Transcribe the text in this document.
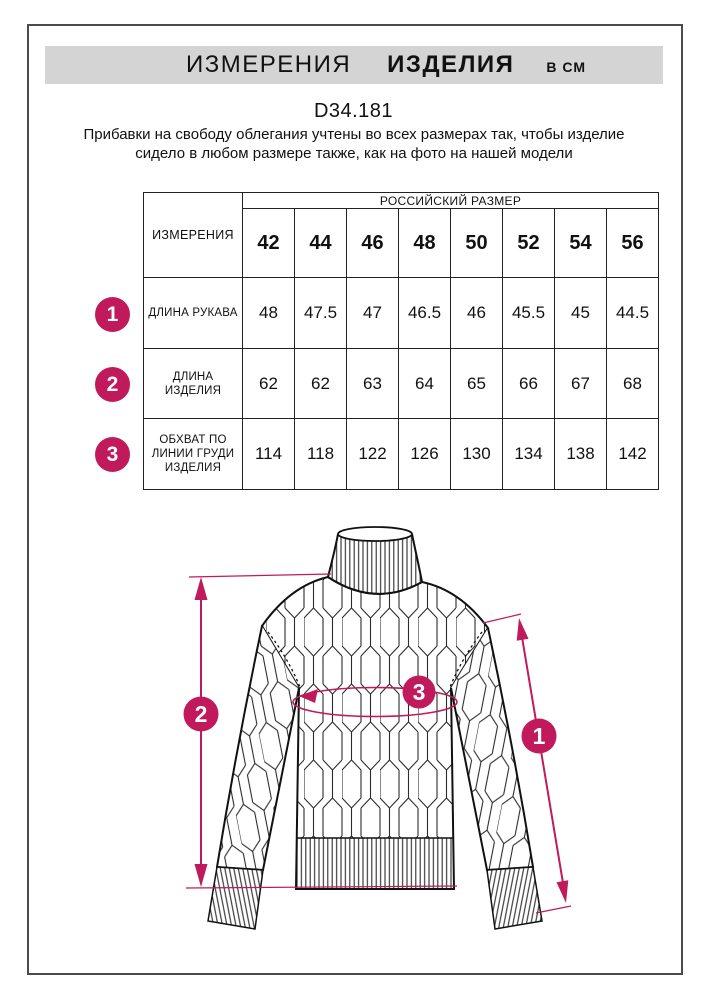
ИЗМЕРЕНИЯ ИЗДЕЛИЯ В СМ
D34.181
Прибавки на свободу облегания учтены во всех размерах так, чтобы изделие сидело в любом размере также, как на фото на нашей модели
ИЗМЕРЕНИЯ	РОССИЙСКИЙ РАЗМЕР							
	42	44	46	48	50	52	54	56
ДЛИНА РУКАВА	48	47.5	47	46.5	46	45.5	45	44.5
ДЛИНА ИЗДЕЛИЯ	62	62	63	64	65	66	67	68
ОБХВАТ ПО ЛИНИИ ГРУДИ ИЗДЕЛИЯ	114	118	122	126	130	134	138	142
1
2
3
2
1
3
